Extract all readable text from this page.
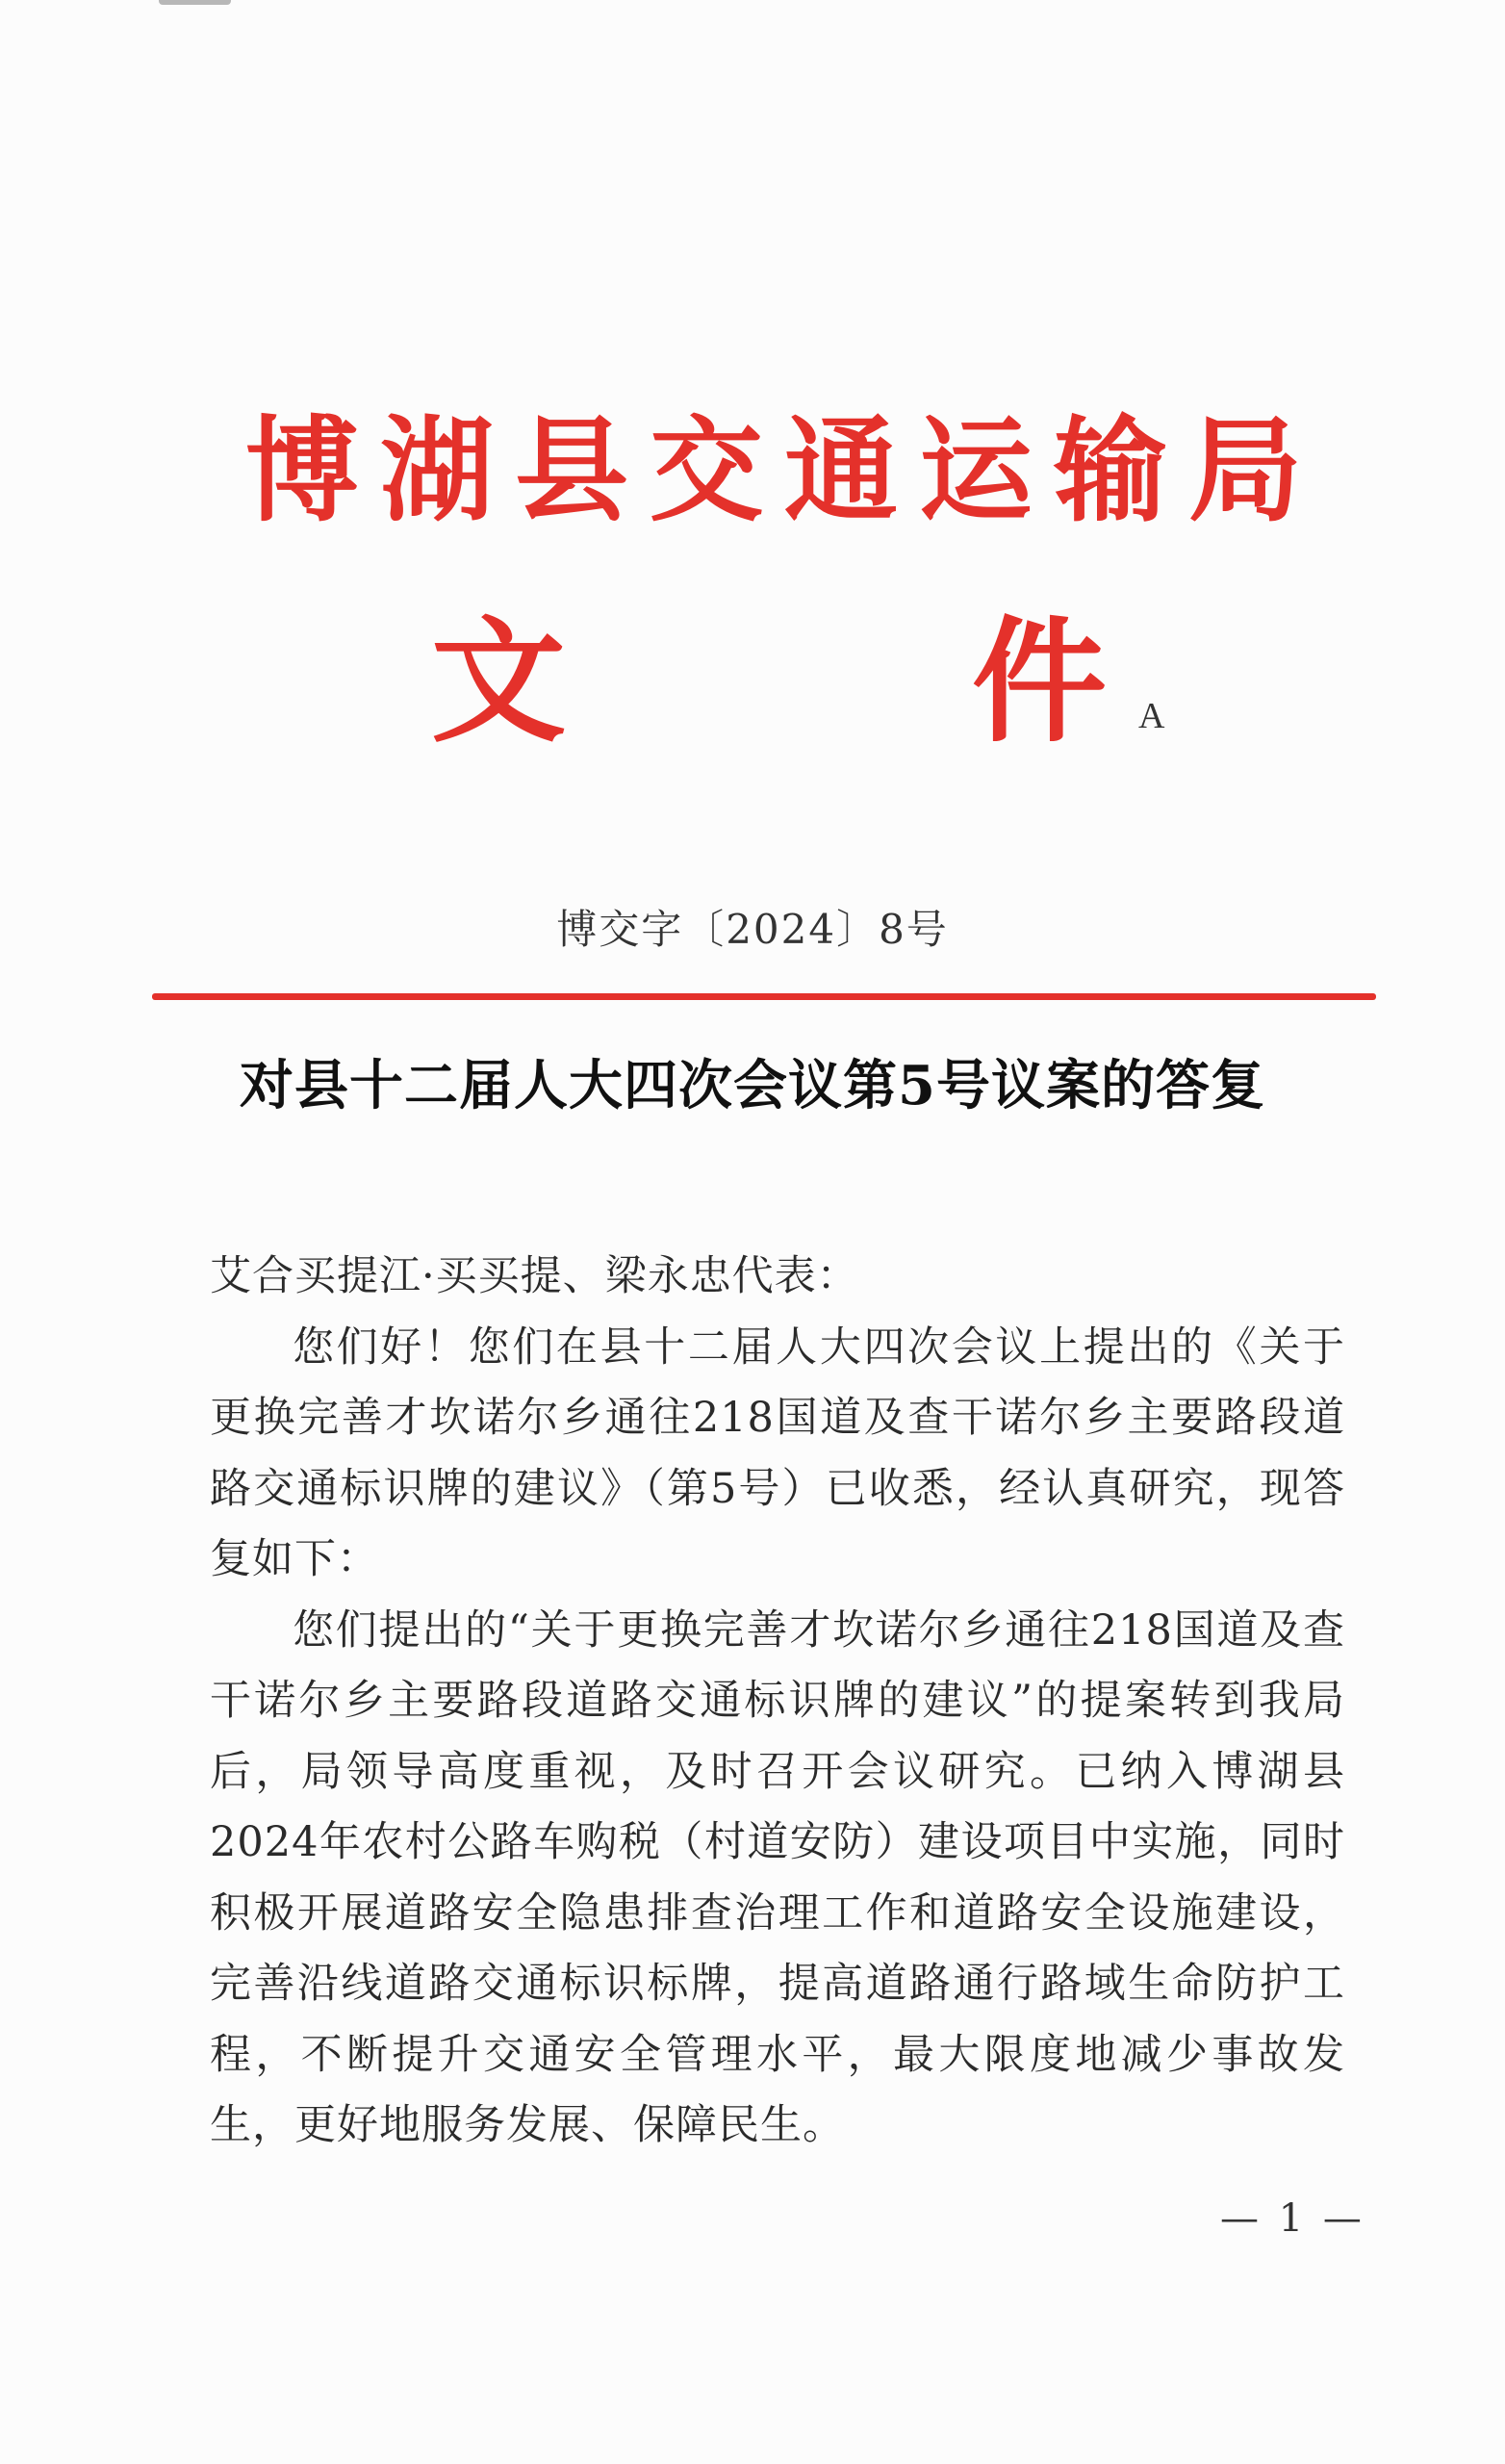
博湖县交通运输局
文	件 A
博交字〔2024〕8号
对县十二届人大四次会议第5号议案的答复

艾合买提江·买买提、梁永忠代表：

您们好！您们在县十二届人大四次会议上提出的《关于更换完善才坎诺尔乡通往218国道及查干诺尔乡主要路段道路交通标识牌的建议》（第5号）已收悉，经认真研究，现答复如下：

您们提出的“关于更换完善才坎诺尔乡通往218国道及查干诺尔乡主要路段道路交通标识牌的建议”的提案转到我局后，局领导高度重视，及时召开会议研究。已纳入博湖县2024年农村公路车购税（村道安防）建设项目中实施，同时积极开展道路安全隐患排查治理工作和道路安全设施建设，完善沿线道路交通标识标牌，提高道路通行路域生命防护工程，不断提升交通安全管理水平，最大限度地减少事故发生，更好地服务发展、保障民生。

— 1 —
